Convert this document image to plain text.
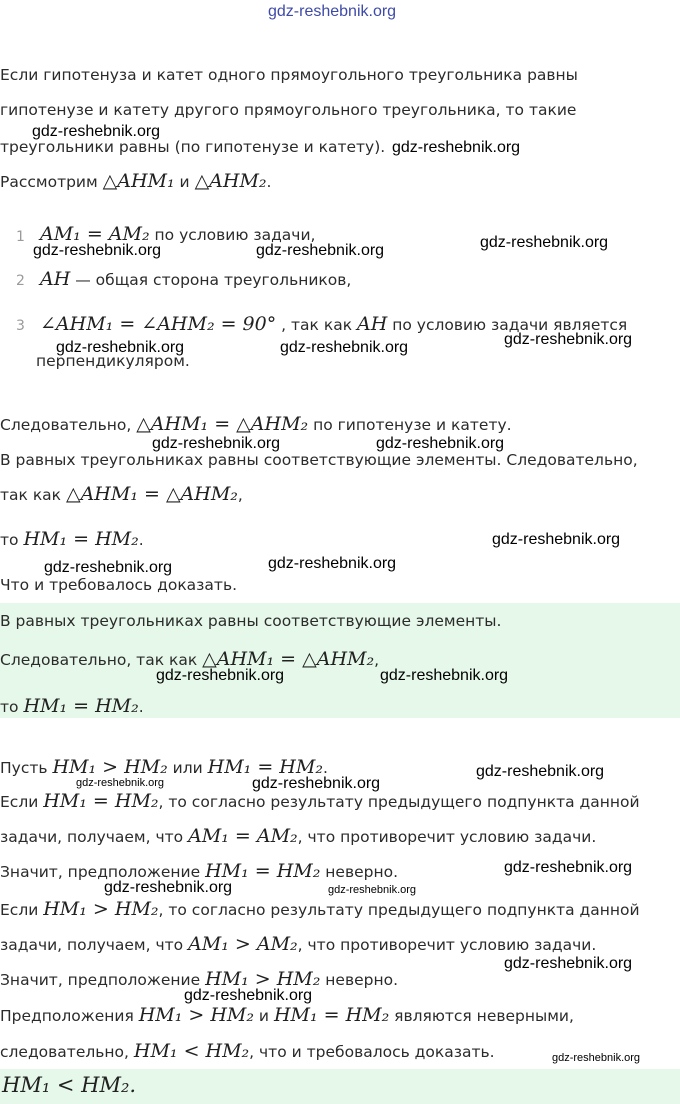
gdz-reshebnik.org
Если гипотенуза и катет одного прямоугольного треугольника равны
гипотенузе и катету другого прямоугольного треугольника, то такие
треугольники равны (по гипотенузе и катету).
Рассмотрим △AHM₁ и △AHM₂.
1 AM₁ = AM₂ по условию задачи,
2 AH — общая сторона треугольников,
3 ∠AHM₁ = ∠AHM₂ = 90° , так как AH по условию задачи является
перпендикуляром.
Следовательно, △AHM₁ = △AHM₂ по гипотенузе и катету.
В равных треугольниках равны соответствующие элементы. Следовательно,
так как △AHM₁ = △AHM₂,
то HM₁ = HM₂.
Что и требовалось доказать.
В равных треугольниках равны соответствующие элементы.
Следовательно, так как △AHM₁ = △AHM₂,
то HM₁ = HM₂.
Пусть HM₁ > HM₂ или HM₁ = HM₂.
Если HM₁ = HM₂, то согласно результату предыдущего подпункта данной
задачи, получаем, что AM₁ = AM₂, что противоречит условию задачи.
Значит, предположение HM₁ = HM₂ неверно.
Если HM₁ > HM₂, то согласно результату предыдущего подпункта данной
задачи, получаем, что AM₁ > AM₂, что противоречит условию задачи.
Значит, предположение HM₁ > HM₂ неверно.
Предположения HM₁ > HM₂ и HM₁ = HM₂ являются неверными,
следовательно, HM₁ < HM₂, что и требовалось доказать.
HM₁ < HM₂.
gdz-reshebnik.org
gdz-reshebnik.org
gdz-reshebnik.org	gdz-reshebnik.org	gdz-reshebnik.org
gdz-reshebnik.org	gdz-reshebnik.org	gdz-reshebnik.org
gdz-reshebnik.org	gdz-reshebnik.org
gdz-reshebnik.org
gdz-reshebnik.org	gdz-reshebnik.org
gdz-reshebnik.org	gdz-reshebnik.org
gdz-reshebnik.org	gdz-reshebnik.org
gdz-reshebnik.org
gdz-reshebnik.org
gdz-reshebnik.org	gdz-reshebnik.org
gdz-reshebnik.org
gdz-reshebnik.org
gdz-reshebnik.org
